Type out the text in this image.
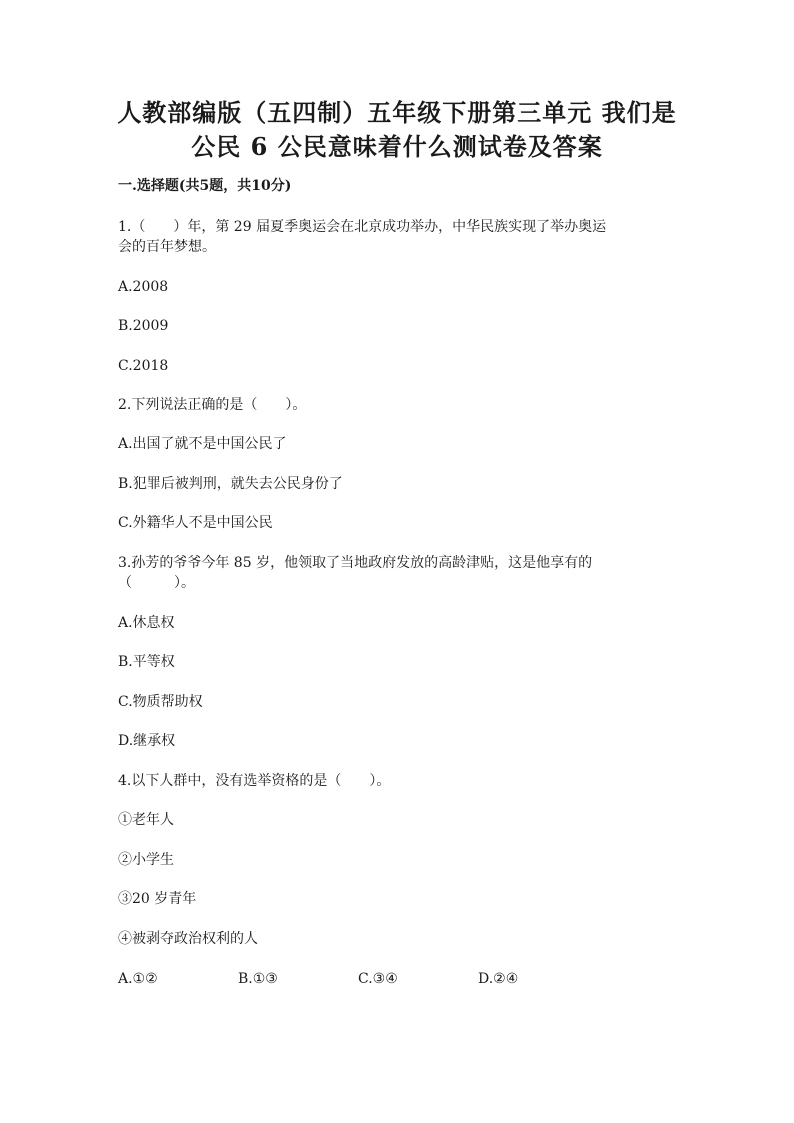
人教部编版（五四制）五年级下册第三单元 我们是
公民 6 公民意味着什么测试卷及答案
一.选择题(共5题，共10分)
1.（　　）年，第 29 届夏季奥运会在北京成功举办，中华民族实现了举办奥运
会的百年梦想。
A.2008
B.2009
C.2018
2.下列说法正确的是（　　）。
A.出国了就不是中国公民了
B.犯罪后被判刑，就失去公民身份了
C.外籍华人不是中国公民
3.孙芳的爷爷今年 85 岁，他领取了当地政府发放的高龄津贴，这是他享有的
（　　　）。
A.休息权
B.平等权
C.物质帮助权
D.继承权
4.以下人群中，没有选举资格的是（　　）。
①老年人
②小学生
③20 岁青年
④被剥夺政治权利的人
A.①②	B.①③	C.③④	D.②④
